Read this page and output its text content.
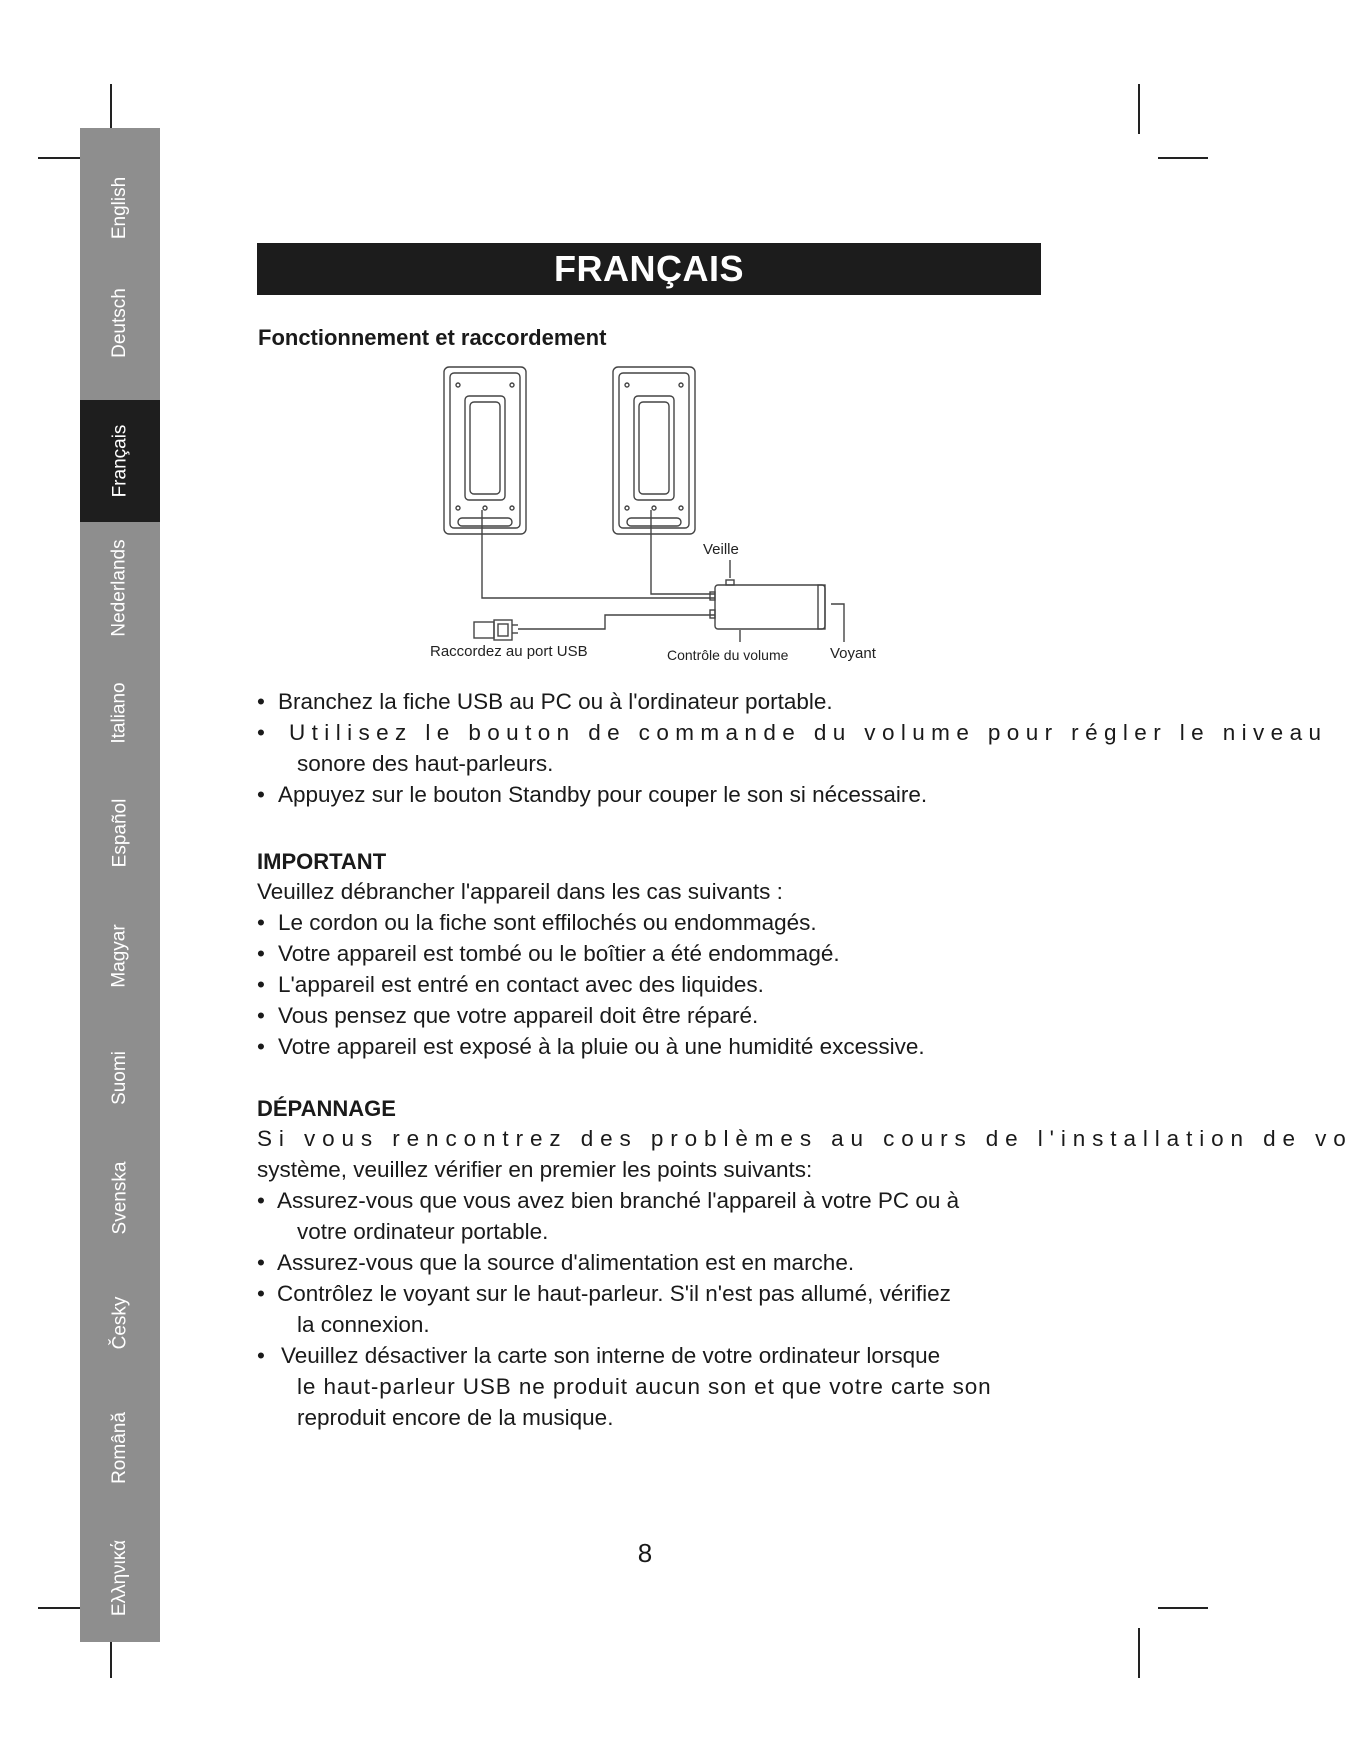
English
Deutsch
Français
Nederlands
Italiano
Español
Magyar
Suomi
Svenska
Česky
Română
Ελληνικά
FRANÇAIS
Fonctionnement et raccordement
Veille
Raccordez au port USB	Contrôle du volume	Voyant
• Branchez la fiche USB au PC ou à l'ordinateur portable.
• Utilisez le bouton de commande du volume pour régler le niveau
sonore des haut-parleurs.
• Appuyez sur le bouton Standby pour couper le son si nécessaire.
IMPORTANT
Veuillez débrancher l'appareil dans les cas suivants :
• Le cordon ou la fiche sont effilochés ou endommagés.
• Votre appareil est tombé ou le boîtier a été endommagé.
• L'appareil est entré en contact avec des liquides.
• Vous pensez que votre appareil doit être réparé.
• Votre appareil est exposé à la pluie ou à une humidité excessive.
DÉPANNAGE
Si vous rencontrez des problèmes au cours de l'installation de vo
système, veuillez vérifier en premier les points suivants:
• Assurez-vous que vous avez bien branché l'appareil à votre PC ou à
votre ordinateur portable.
• Assurez-vous que la source d'alimentation est en marche.
• Contrôlez le voyant sur le haut-parleur. S'il n'est pas allumé, vérifiez
la connexion.
• Veuillez désactiver la carte son interne de votre ordinateur lorsque
le haut-parleur USB ne produit aucun son et que votre carte son
reproduit encore de la musique.
8
